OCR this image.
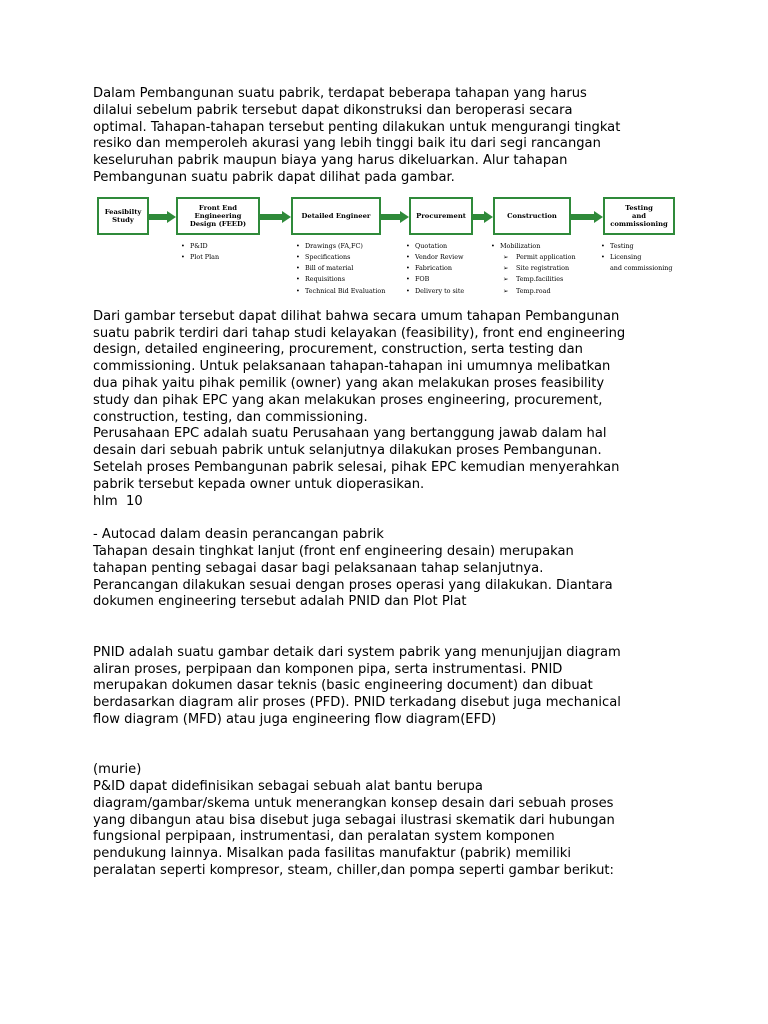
Dalam Pembangunan suatu pabrik, terdapat beberapa tahapan yang harus

dilalui sebelum pabrik tersebut dapat dikonstruksi dan beroperasi secara

optimal. Tahapan-tahapan tersebut penting dilakukan untuk mengurangi tingkat

resiko dan memperoleh akurasi yang lebih tinggi baik itu dari segi rancangan

keseluruhan pabrik maupun biaya yang harus dikeluarkan. Alur tahapan

Pembangunan suatu pabrik dapat dilihat pada gambar.

Feasibilty
Study
Front End
Engineering
Design (FEED)
Detailed Engineer	Procurement	Construction
Testing
and
commissioning
• P&ID
• Plot Plan
• Drawings (FA,FC)
• Specifications
• Bill of material
• Requisitions
• Technical Bid Evaluation
• Quotation
• Vendor Review
• Fabrication
• FOB
• Delivery to site
• Mobilization
➢ Permit application
➢ Site registration
➢ Temp.facilities
➢ Temp.road
• Testing
• Licensing
and commissioning

Dari gambar tersebut dapat dilihat bahwa secara umum tahapan Pembangunan

suatu pabrik terdiri dari tahap studi kelayakan (feasibility), front end engineering

design, detailed engineering, procurement, construction, serta testing dan

commissioning. Untuk pelaksanaan tahapan-tahapan ini umumnya melibatkan

dua pihak yaitu pihak pemilik (owner) yang akan melakukan proses feasibility

study dan pihak EPC yang akan melakukan proses engineering, procurement,

construction, testing, dan commissioning.

Perusahaan EPC adalah suatu Perusahaan yang bertanggung jawab dalam hal

desain dari sebuah pabrik untuk selanjutnya dilakukan proses Pembangunan.

Setelah proses Pembangunan pabrik selesai, pihak EPC kemudian menyerahkan

pabrik tersebut kepada owner untuk dioperasikan.

hlm  10

- Autocad dalam deasin perancangan pabrik

Tahapan desain tinghkat lanjut (front enf engineering desain) merupakan

tahapan penting sebagai dasar bagi pelaksanaan tahap selanjutnya.

Perancangan dilakukan sesuai dengan proses operasi yang dilakukan. Diantara

dokumen engineering tersebut adalah PNID dan Plot Plat

PNID adalah suatu gambar detaik dari system pabrik yang menunjujjan diagram

aliran proses, perpipaan dan komponen pipa, serta instrumentasi. PNID

merupakan dokumen dasar teknis (basic engineering document) dan dibuat

berdasarkan diagram alir proses (PFD). PNID terkadang disebut juga mechanical

flow diagram (MFD) atau juga engineering flow diagram(EFD)

(murie)

P&ID dapat didefinisikan sebagai sebuah alat bantu berupa

diagram/gambar/skema untuk menerangkan konsep desain dari sebuah proses

yang dibangun atau bisa disebut juga sebagai ilustrasi skematik dari hubungan

fungsional perpipaan, instrumentasi, dan peralatan system komponen

pendukung lainnya. Misalkan pada fasilitas manufaktur (pabrik) memiliki

peralatan seperti kompresor, steam, chiller,dan pompa seperti gambar berikut:
